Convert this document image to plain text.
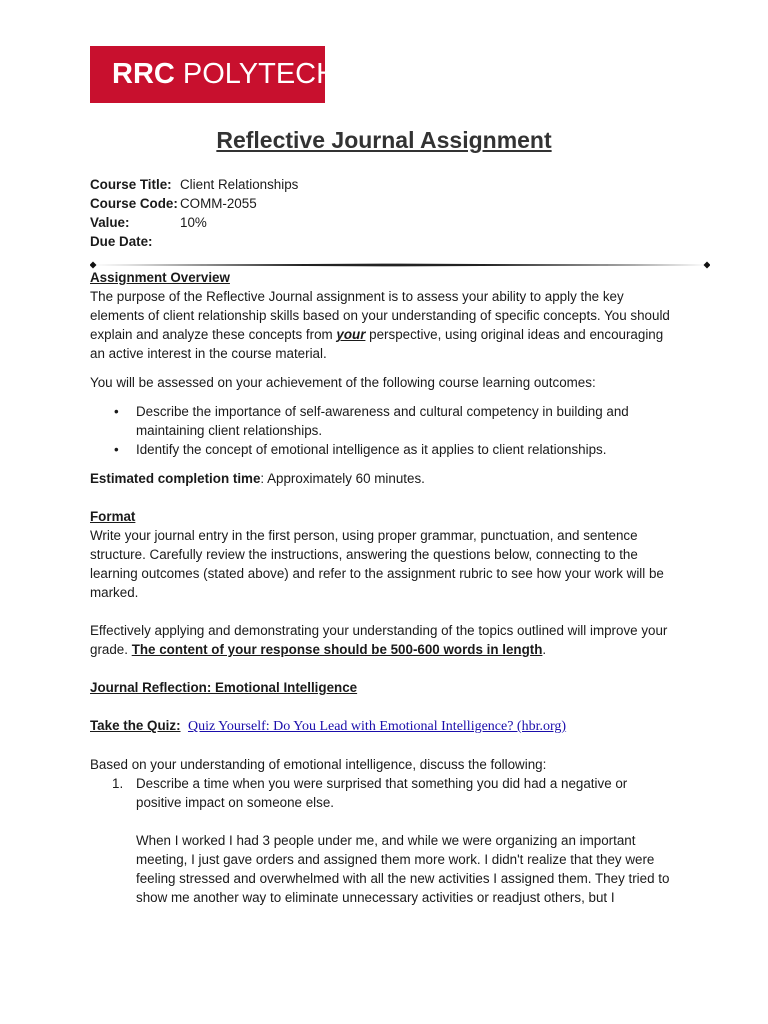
RRC POLYTECH
Reflective Journal Assignment
Course Title: Client Relationships
Course Code: COMM-2055
Value:	10%
Due Date:
Assignment Overview

The purpose of the Reflective Journal assignment is to assess your ability to apply the key elements of client relationship skills based on your understanding of specific concepts. You should explain and analyze these concepts from your perspective, using original ideas and encouraging an active interest in the course material.

You will be assessed on your achievement of the following course learning outcomes:

• Describe the importance of self-awareness and cultural competency in building and maintaining client relationships.
• Identify the concept of emotional intelligence as it applies to client relationships.

Estimated completion time: Approximately 60 minutes.

Format

Write your journal entry in the first person, using proper grammar, punctuation, and sentence structure. Carefully review the instructions, answering the questions below, connecting to the learning outcomes (stated above) and refer to the assignment rubric to see how your work will be marked.

Effectively applying and demonstrating your understanding of the topics outlined will improve your grade. The content of your response should be 500-600 words in length.

Journal Reflection: Emotional Intelligence

Take the Quiz: Quiz Yourself: Do You Lead with Emotional Intelligence? (hbr.org)

Based on your understanding of emotional intelligence, discuss the following:

1. Describe a time when you were surprised that something you did had a negative or positive impact on someone else.
When I worked I had 3 people under me, and while we were organizing an important meeting, I just gave orders and assigned them more work. I didn't realize that they were feeling stressed and overwhelmed with all the new activities I assigned them. They tried to show me another way to eliminate unnecessary activities or readjust others, but I
